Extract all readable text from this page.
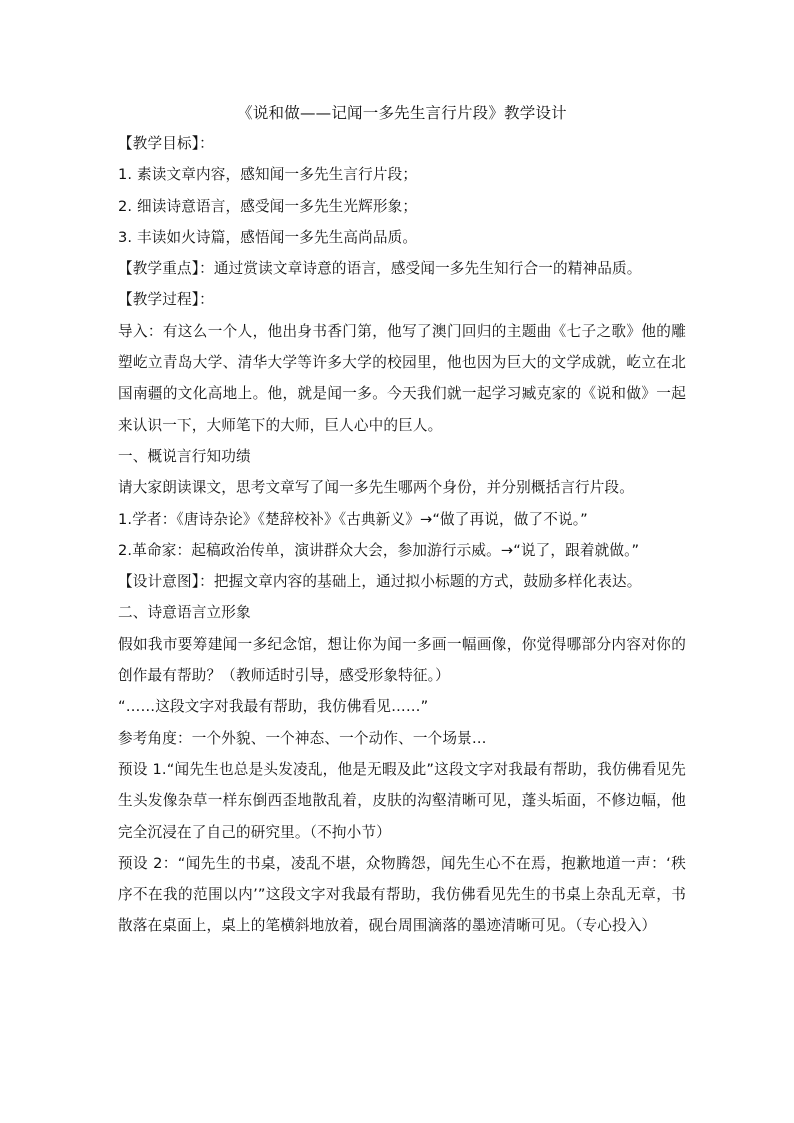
《说和做——记闻一多先生言行片段》教学设计

【教学目标】：

1. 素读文章内容，感知闻一多先生言行片段；

2. 细读诗意语言，感受闻一多先生光辉形象；

3. 丰读如火诗篇，感悟闻一多先生高尚品质。

【教学重点】：通过赏读文章诗意的语言，感受闻一多先生知行合一的精神品质。

【教学过程】：

导入：有这么一个人，他出身书香门第，他写了澳门回归的主题曲《七子之歌》他的雕塑屹立青岛大学、清华大学等许多大学的校园里，他也因为巨大的文学成就，屹立在北国南疆的文化高地上。他，就是闻一多。今天我们就一起学习臧克家的《说和做》一起来认识一下，大师笔下的大师，巨人心中的巨人。

一、概说言行知功绩

请大家朗读课文，思考文章写了闻一多先生哪两个身份，并分别概括言行片段。

1.学者：《唐诗杂论》《楚辞校补》《古典新义》→“做了再说，做了不说。”

2.革命家：起稿政治传单，演讲群众大会，参加游行示威。→“说了，跟着就做。”

【设计意图】：把握文章内容的基础上，通过拟小标题的方式，鼓励多样化表达。

二、诗意语言立形象

假如我市要筹建闻一多纪念馆，想让你为闻一多画一幅画像，你觉得哪部分内容对你的创作最有帮助？（教师适时引导，感受形象特征。）

“……这段文字对我最有帮助，我仿佛看见……”

参考角度：一个外貌、一个神态、一个动作、一个场景…

预设 1.“闻先生也总是头发凌乱，他是无暇及此”这段文字对我最有帮助，我仿佛看见先生头发像杂草一样东倒西歪地散乱着，皮肤的沟壑清晰可见，蓬头垢面，不修边幅，他完全沉浸在了自己的研究里。（不拘小节）

预设 2：“闻先生的书桌，凌乱不堪，众物腾怨，闻先生心不在焉，抱歉地道一声：‘秩序不在我的范围以内’”这段文字对我最有帮助，我仿佛看见先生的书桌上杂乱无章，书散落在桌面上，桌上的笔横斜地放着，砚台周围滴落的墨迹清晰可见。（专心投入）
